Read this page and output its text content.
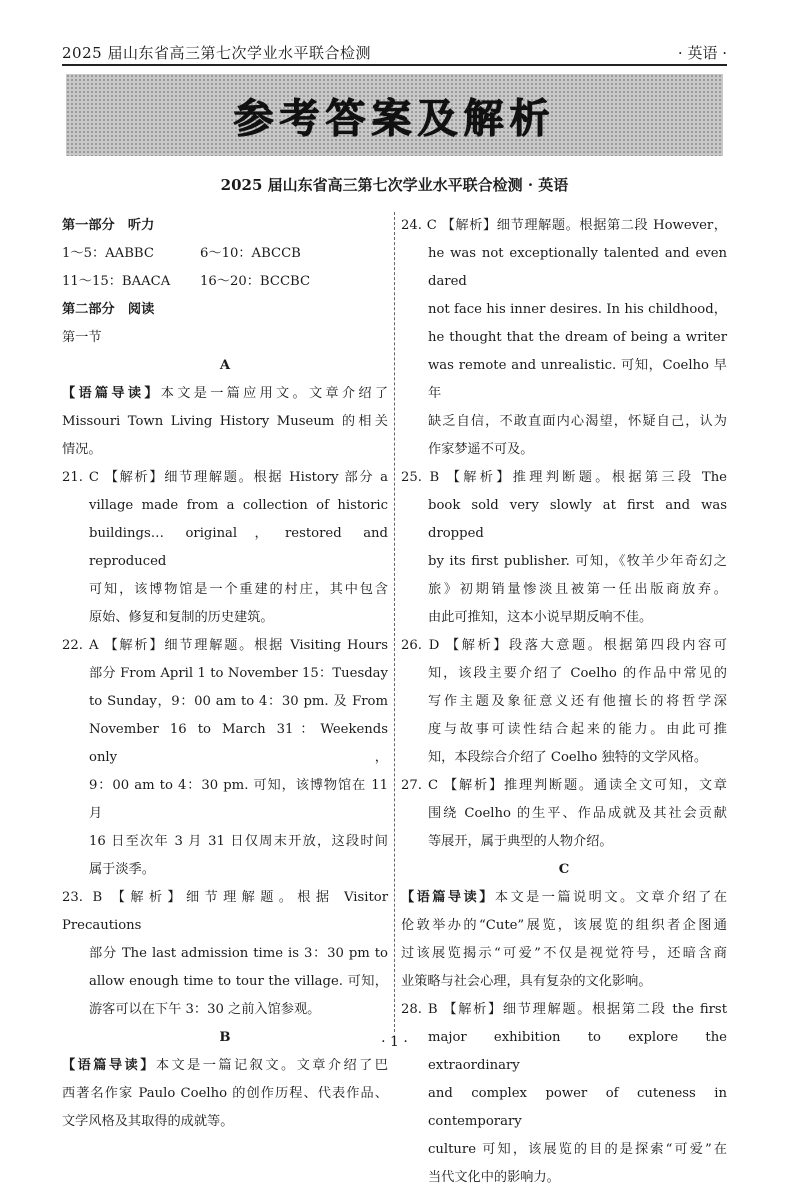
2025 届山东省高三第七次学业水平联合检测	· 英语 ·
参考答案及解析
2025 届山东省高三第七次学业水平联合检测 · 英语
第一部分　听力
1～5：AABBC	6～10：ABCCB
11～15：BAACA	16～20：BCCBC
第二部分　阅读
第一节
A
【语篇导读】本文是一篇应用文。文章介绍了
Missouri Town Living History Museum 的相关
情况。
21. C 【解析】细节理解题。根据 History 部分 a
village made from a collection of historic
buildings… original，restored and reproduced
可知，该博物馆是一个重建的村庄，其中包含
原始、修复和复制的历史建筑。
22. A 【解析】细节理解题。根据 Visiting Hours
部分 From April 1 to November 15：Tuesday
to Sunday，9：00 am to 4：30 pm. 及 From
November 16 to March 31：Weekends only，
9：00 am to 4：30 pm. 可知，该博物馆在 11 月
16 日至次年 3 月 31 日仅周末开放，这段时间
属于淡季。
23. B 【解析】细节理解题。根据 Visitor Precautions
部分 The last admission time is 3：30 pm to
allow enough time to tour the village. 可知，
游客可以在下午 3：30 之前入馆参观。
B
【语篇导读】本文是一篇记叙文。文章介绍了巴
西著名作家 Paulo Coelho 的创作历程、代表作品、
文学风格及其取得的成就等。
24. C 【解析】细节理解题。根据第二段 However，
he was not exceptionally talented and even dared
not face his inner desires. In his childhood，
he thought that the dream of being a writer
was remote and unrealistic. 可知，Coelho 早年
缺乏自信，不敢直面内心渴望，怀疑自己，认为
作家梦遥不可及。
25. B 【解析】推理判断题。根据第三段 The
book sold very slowly at first and was dropped
by its first publisher. 可知，《牧羊少年奇幻之
旅》初期销量惨淡且被第一任出版商放弃。
由此可推知，这本小说早期反响不佳。
26. D 【解析】段落大意题。根据第四段内容可
知，该段主要介绍了 Coelho 的作品中常见的
写作主题及象征意义还有他擅长的将哲学深
度与故事可读性结合起来的能力。由此可推
知，本段综合介绍了 Coelho 独特的文学风格。
27. C 【解析】推理判断题。通读全文可知，文章
围绕 Coelho 的生平、作品成就及其社会贡献
等展开，属于典型的人物介绍。
C
【语篇导读】本文是一篇说明文。文章介绍了在
伦敦举办的“Cute”展览，该展览的组织者企图通
过该展览揭示“可爱”不仅是视觉符号，还暗含商
业策略与社会心理，具有复杂的文化影响。
28. B 【解析】细节理解题。根据第二段 the first
major exhibition to explore the extraordinary
and complex power of cuteness in contemporary
culture 可知，该展览的目的是探索“可爱”在
当代文化中的影响力。
· 1 ·
